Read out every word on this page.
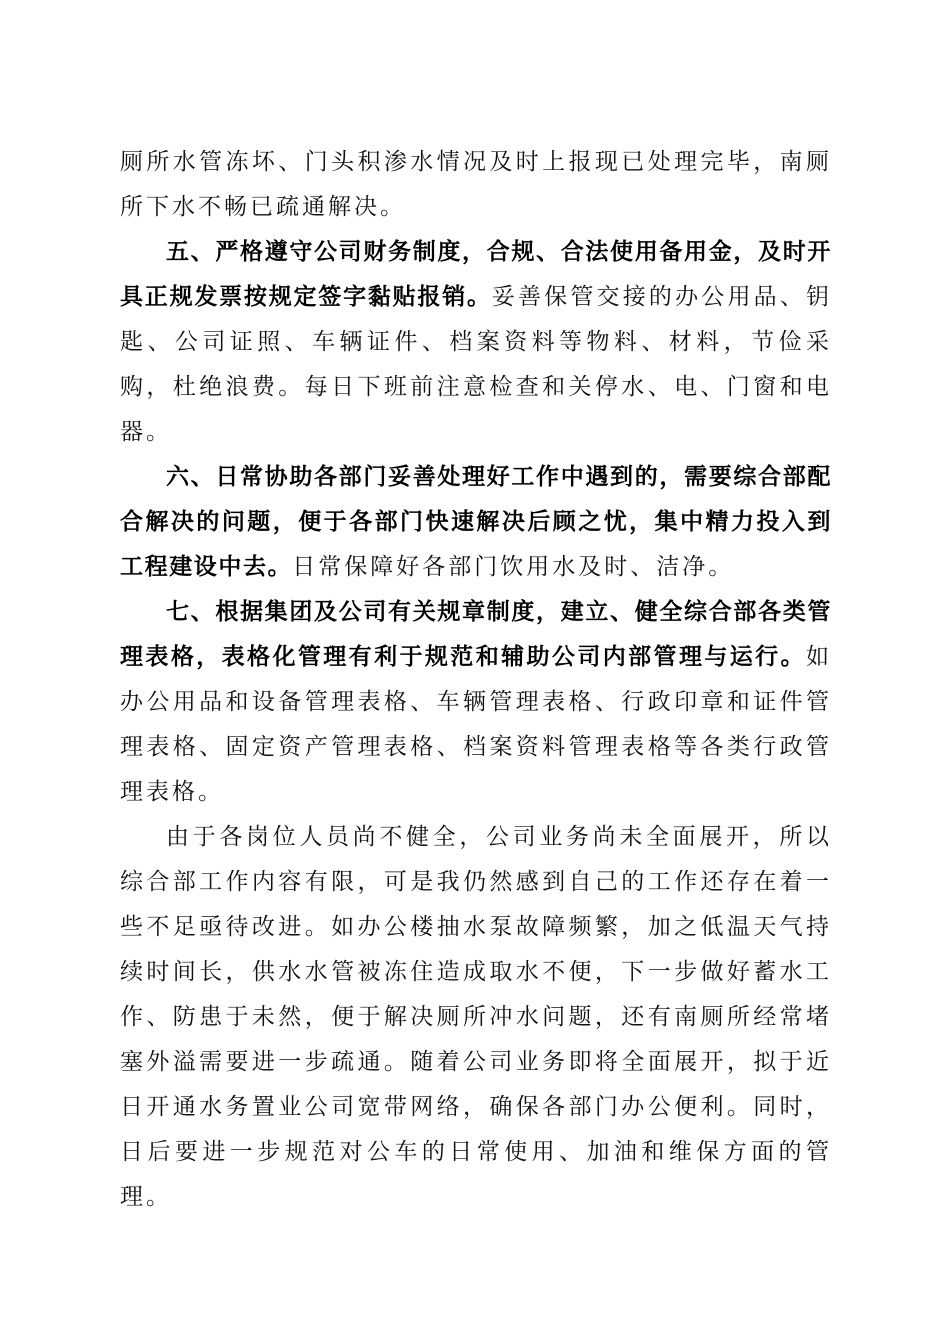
厕所水管冻坏、门头积渗水情况及时上报现已处理完毕，南厕所下水不畅已疏通解决。

五、严格遵守公司财务制度，合规、合法使用备用金，及时开具正规发票按规定签字黏贴报销。妥善保管交接的办公用品、钥匙、公司证照、车辆证件、档案资料等物料、材料，节俭采购，杜绝浪费。每日下班前注意检查和关停水、电、门窗和电器。

六、日常协助各部门妥善处理好工作中遇到的，需要综合部配合解决的问题，便于各部门快速解决后顾之忧，集中精力投入到工程建设中去。日常保障好各部门饮用水及时、洁净。

七、根据集团及公司有关规章制度，建立、健全综合部各类管理表格，表格化管理有利于规范和辅助公司内部管理与运行。如办公用品和设备管理表格、车辆管理表格、行政印章和证件管理表格、固定资产管理表格、档案资料管理表格等各类行政管理表格。

由于各岗位人员尚不健全，公司业务尚未全面展开，所以综合部工作内容有限，可是我仍然感到自己的工作还存在着一些不足亟待改进。如办公楼抽水泵故障频繁，加之低温天气持续时间长，供水水管被冻住造成取水不便，下一步做好蓄水工作、防患于未然，便于解决厕所冲水问题，还有南厕所经常堵塞外溢需要进一步疏通。随着公司业务即将全面展开，拟于近日开通水务置业公司宽带网络，确保各部门办公便利。同时，日后要进一步规范对公车的日常使用、加油和维保方面的管理。
